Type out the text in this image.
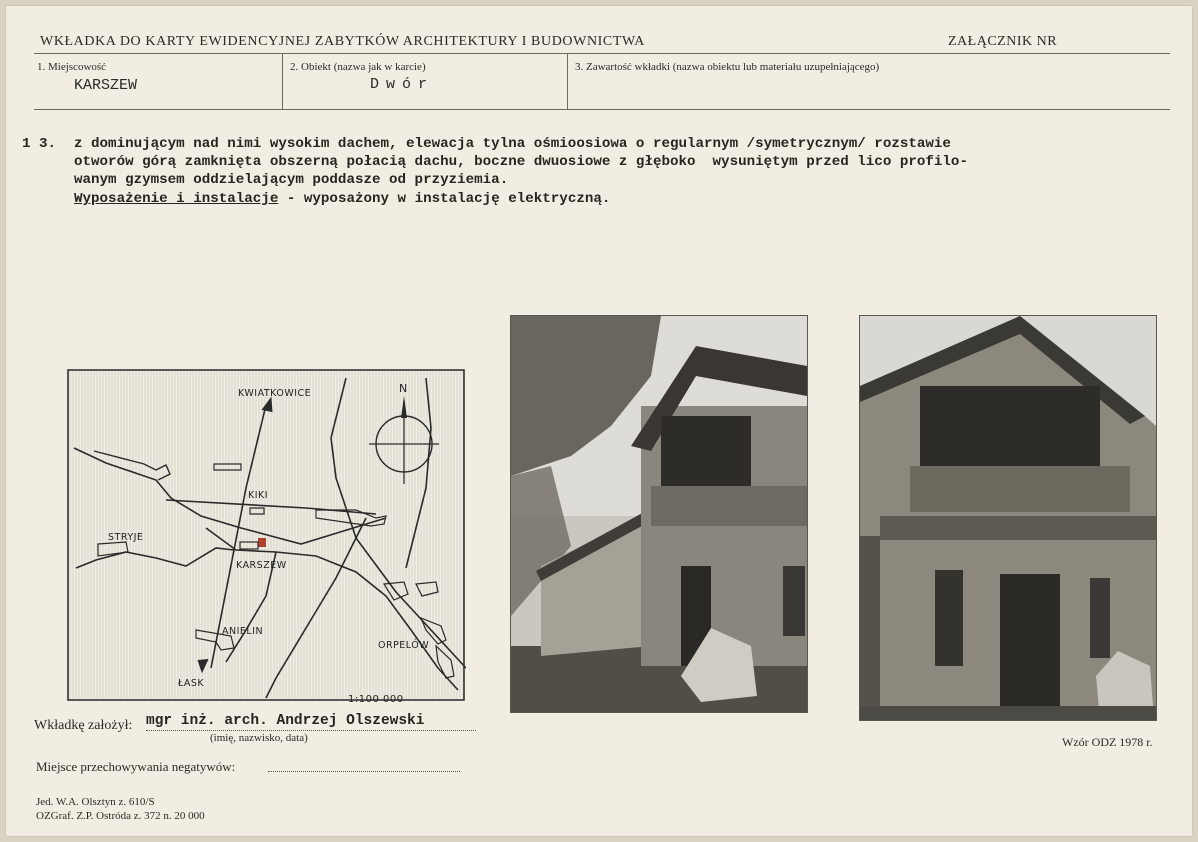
WKŁADKA DO KARTY EWIDENCYJNEJ ZABYTKÓW ARCHITEKTURY I BUDOWNICTWA	ZAŁĄCZNIK NR
1. Miejscowość
KARSZEW
2. Obiekt (nazwa jak w karcie)
Dwór
3. Zawartość wkładki (nazwa obiektu lub materiału uzupełniającego)
1 3. z dominującym nad nimi wysokim dachem, elewacja tylna ośmioosiowa o regularnym /symetrycznym/ rozstawie
otworów górą zamknięta obszerną połacią dachu, boczne dwuosiowe z głęboko  wysuniętym przed lico profilo-
wanym gzymsem oddzielającym poddasze od przyziemia.
Wyposażenie i instalacje - wyposażony w instalację elektryczną.
N
KWIATKOWICE
KIKI
STRYJE
KARSZEW
ANIELIN
ORPELÓW
ŁASK
1:100 000
Wkładkę założył: mgr inż. arch. Andrzej Olszewski
(imię, nazwisko, data)	Wzór ODZ 1978 r.
Miejsce przechowywania negatywów:
Jed. W.A. Olsztyn z. 610/S
OZGraf. Z.P. Ostróda z. 372 n. 20 000
